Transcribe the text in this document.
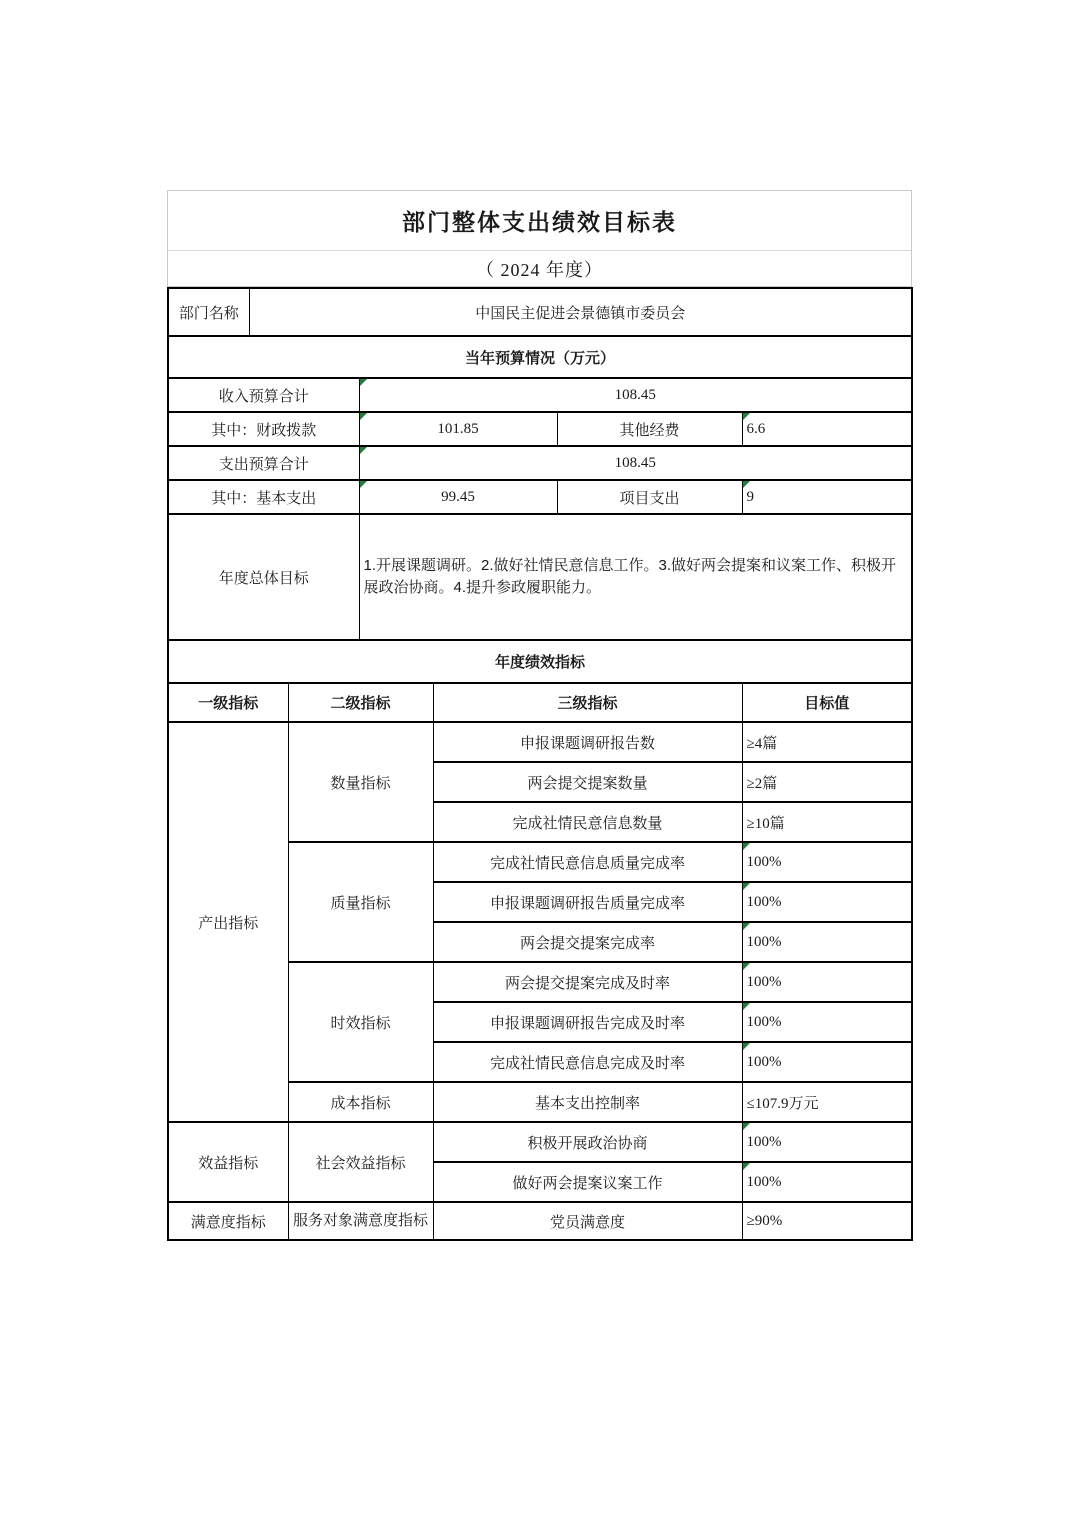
部门整体支出绩效目标表
（ 2024 年度）
部门名称	中国民主促进会景德镇市委员会					
当年预算情况（万元）						
收入预算合计			108.45			

其中：财政拨款			101.85		其他经费	6.6

支出预算合计			108.45			

其中：基本支出			99.45		项目支出	9

年度总体目标			1.开展课题调研。2.做好社情民意信息工作。3.做好两会提案和议案工作、积极开展政治协商。4.提升参政履职能力。			
年度绩效指标						
一级指标		二级指标		三级指标		目标值
产出指标		数量指标		申报课题调研报告数		≥4篇
				两会提交提案数量		≥2篇
				完成社情民意信息数量		≥10篇
		质量指标		完成社情民意信息质量完成率		100%

				申报课题调研报告质量完成率		100%

				两会提交提案完成率		100%

		时效指标		两会提交提案完成及时率		100%

				申报课题调研报告完成及时率		100%

				完成社情民意信息完成及时率		100%

		成本指标		基本支出控制率		≤107.9万元
效益指标		社会效益指标		积极开展政治协商		100%

				做好两会提案议案工作		100%

满意度指标		服务对象满意度指标		党员满意度		≥90%
